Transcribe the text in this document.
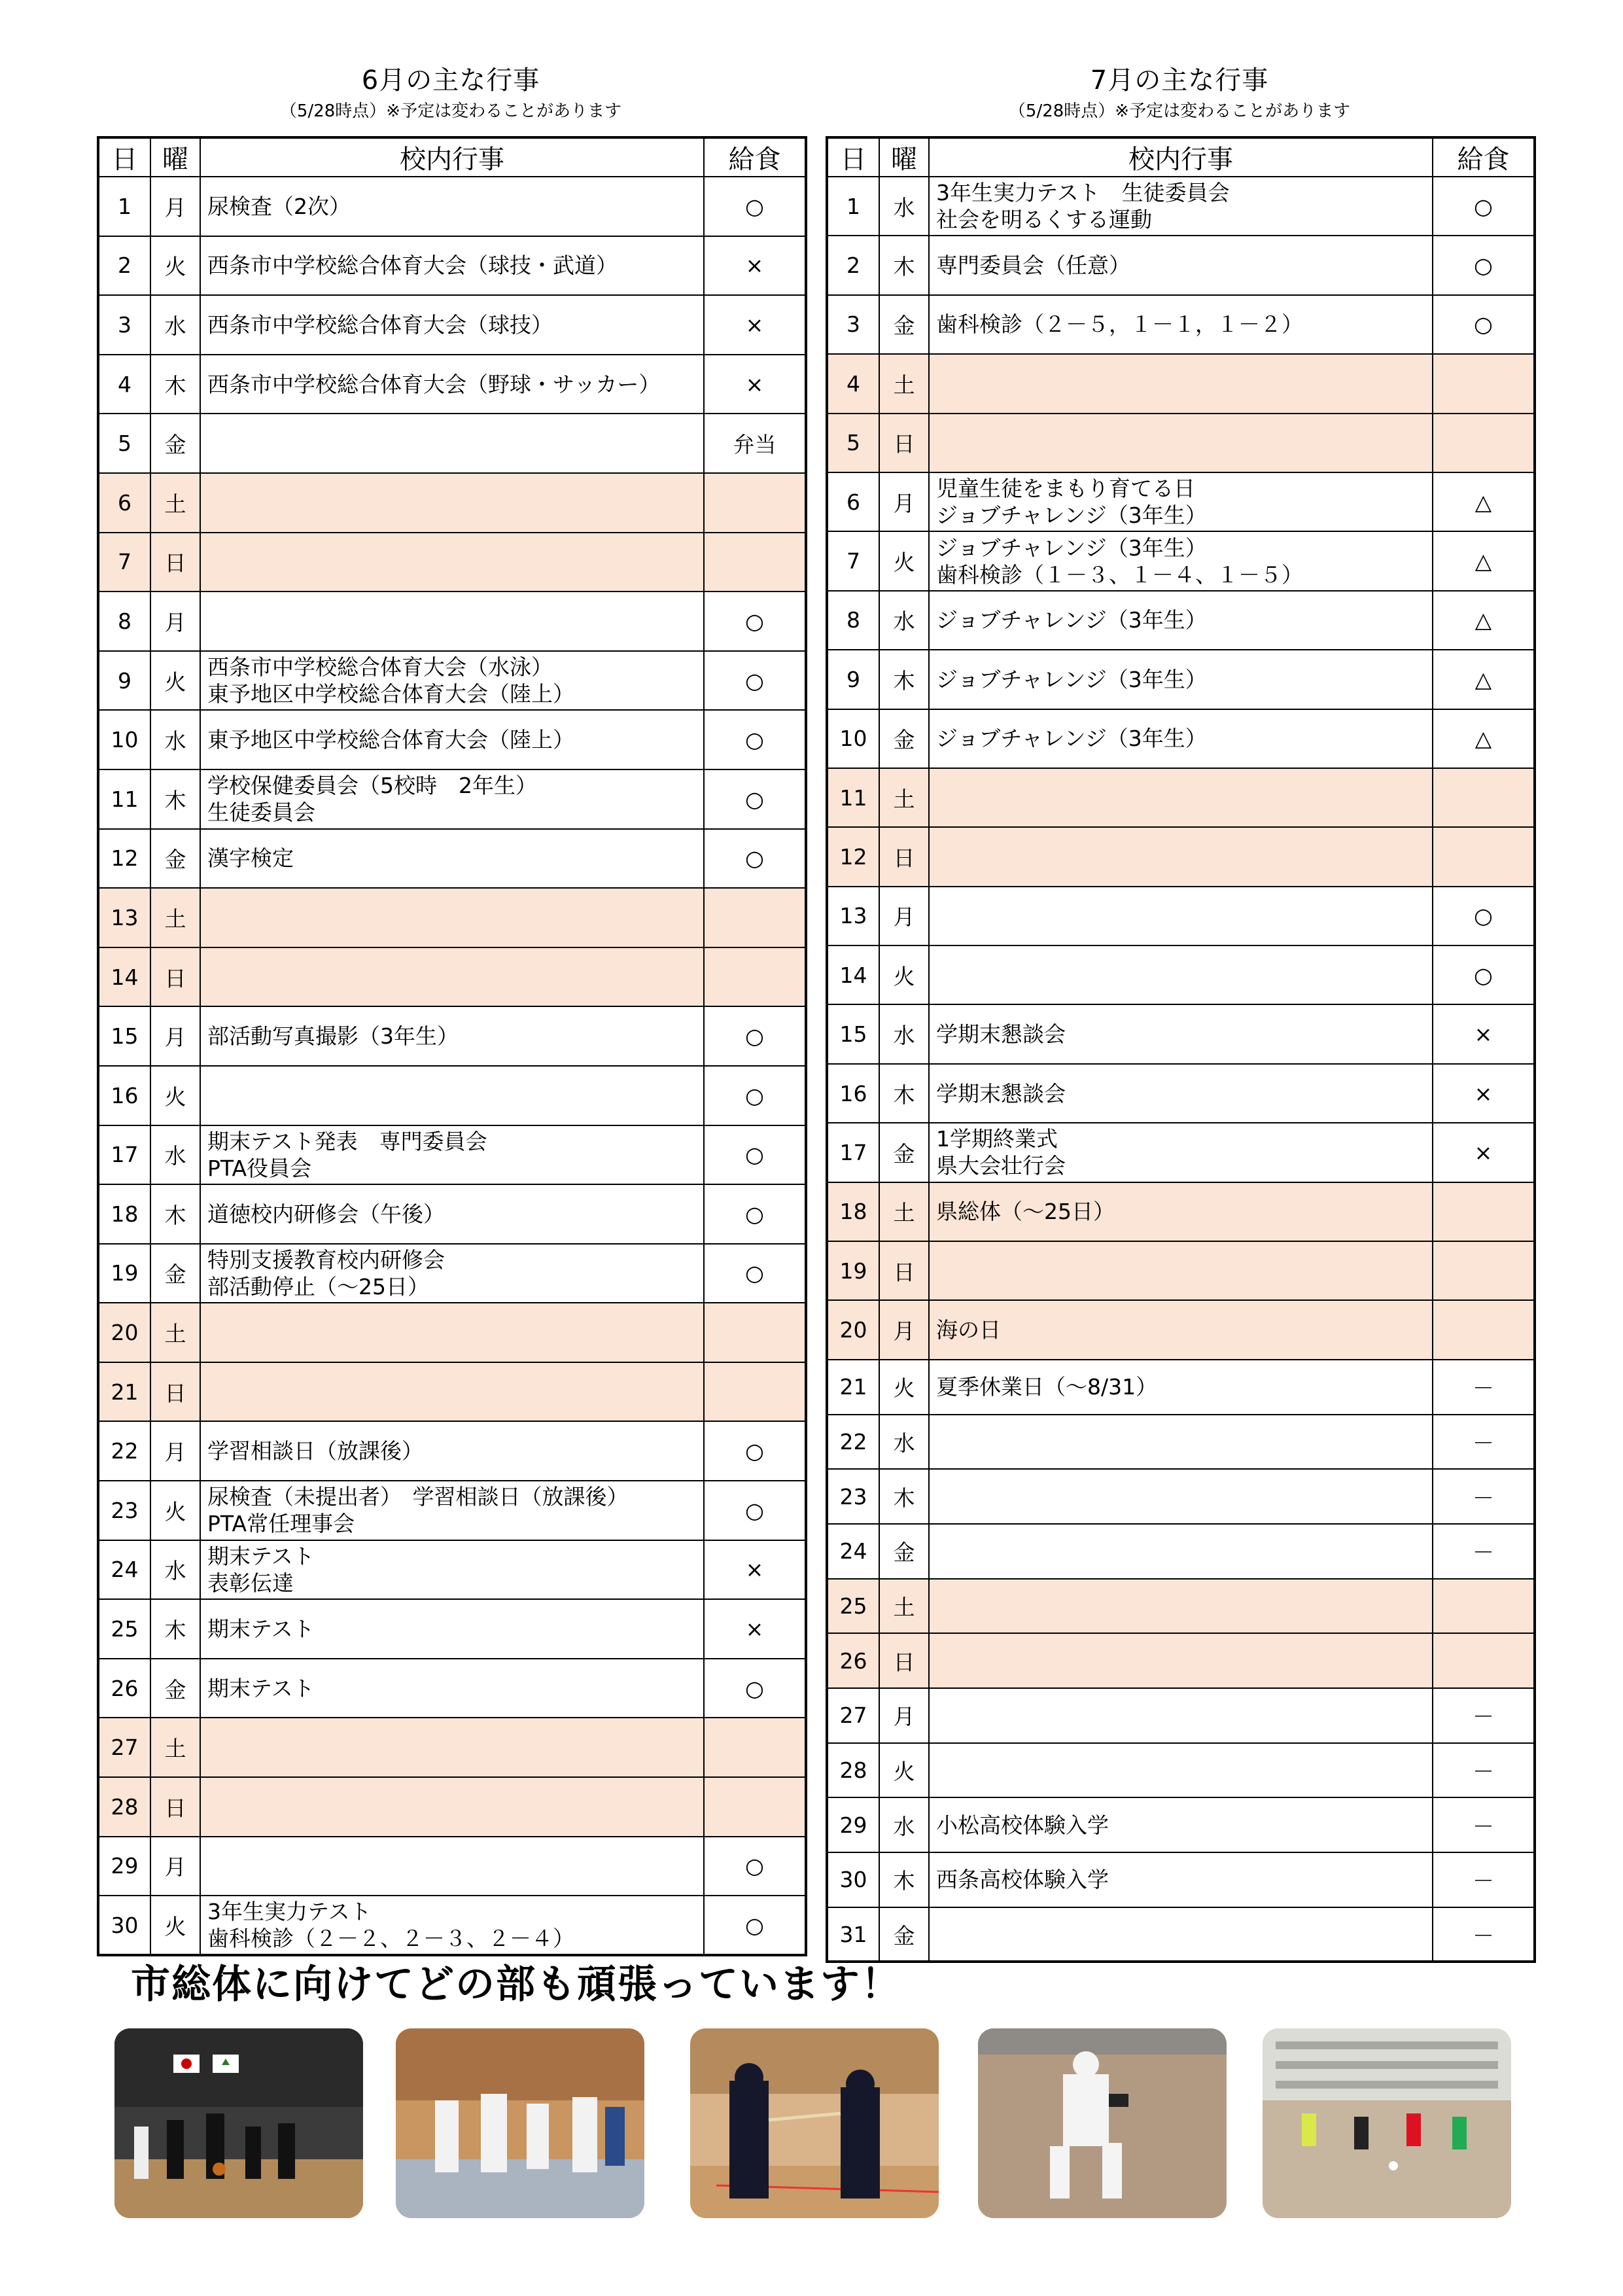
6月の主な行事
（5/28時点）※予定は変わることがあります
日	曜	校内行事	給食
1	月	尿検査（2次）	○
2	火	西条市中学校総合体育大会（球技・武道）	×
3	水	西条市中学校総合体育大会（球技）	×
4	木	西条市中学校総合体育大会（野球・サッカー）	×
5	金		弁当
6	土	

7	日	

8	月		○
9	火	西条市中学校総合体育大会（水泳）
東予地区中学校総合体育大会（陸上）	○
10	水	東予地区中学校総合体育大会（陸上）	○
11	木	学校保健委員会（5校時　2年生）
生徒委員会	○
12	金	漢字検定	○
13	土	

14	日	

15	月	部活動写真撮影（3年生）	○
16	火		○
17	水	期末テスト発表　専門委員会
PTA役員会	○
18	木	道徳校内研修会（午後）	○
19	金	特別支援教育校内研修会
部活動停止（～25日）	○
20	土	

21	日	

22	月	学習相談日（放課後）	○
23	火	尿検査（未提出者）　学習相談日（放課後）
PTA常任理事会	○
24	水	期末テスト
表彰伝達	×
25	木	期末テスト	×
26	金	期末テスト	○
27	土	

28	日	

29	月		○
30	火	3年生実力テスト
歯科検診（２－２、２－３、２－４）	○
7月の主な行事
（5/28時点）※予定は変わることがあります
日	曜	校内行事	給食
1	水	3年生実力テスト　生徒委員会
社会を明るくする運動	○
2	木	専門委員会（任意）	○
3	金	歯科検診（２－５，１－１，１－２）	○
4	土	

5	日	

6	月	児童生徒をまもり育てる日
ジョブチャレンジ（3年生）	△
7	火	ジョブチャレンジ（3年生）
歯科検診（１－３、１－４、１－５）	△
8	水	ジョブチャレンジ（3年生）	△
9	木	ジョブチャレンジ（3年生）	△
10	金	ジョブチャレンジ（3年生）	△
11	土	

12	日	

13	月		○
14	火		○
15	水	学期末懇談会	×
16	木	学期末懇談会	×
17	金	1学期終業式
県大会壮行会	×
18	土	県総体（～25日）	

19	日	

20	月	海の日	

21	火	夏季休業日（～8/31）	－
22	水		－
23	木		－
24	金		－
25	土	

26	日	

27	月		－
28	火		－
29	水	小松高校体験入学	－
30	木	西条高校体験入学	－
31	金		－
市総体に向けてどの部も頑張っています！
